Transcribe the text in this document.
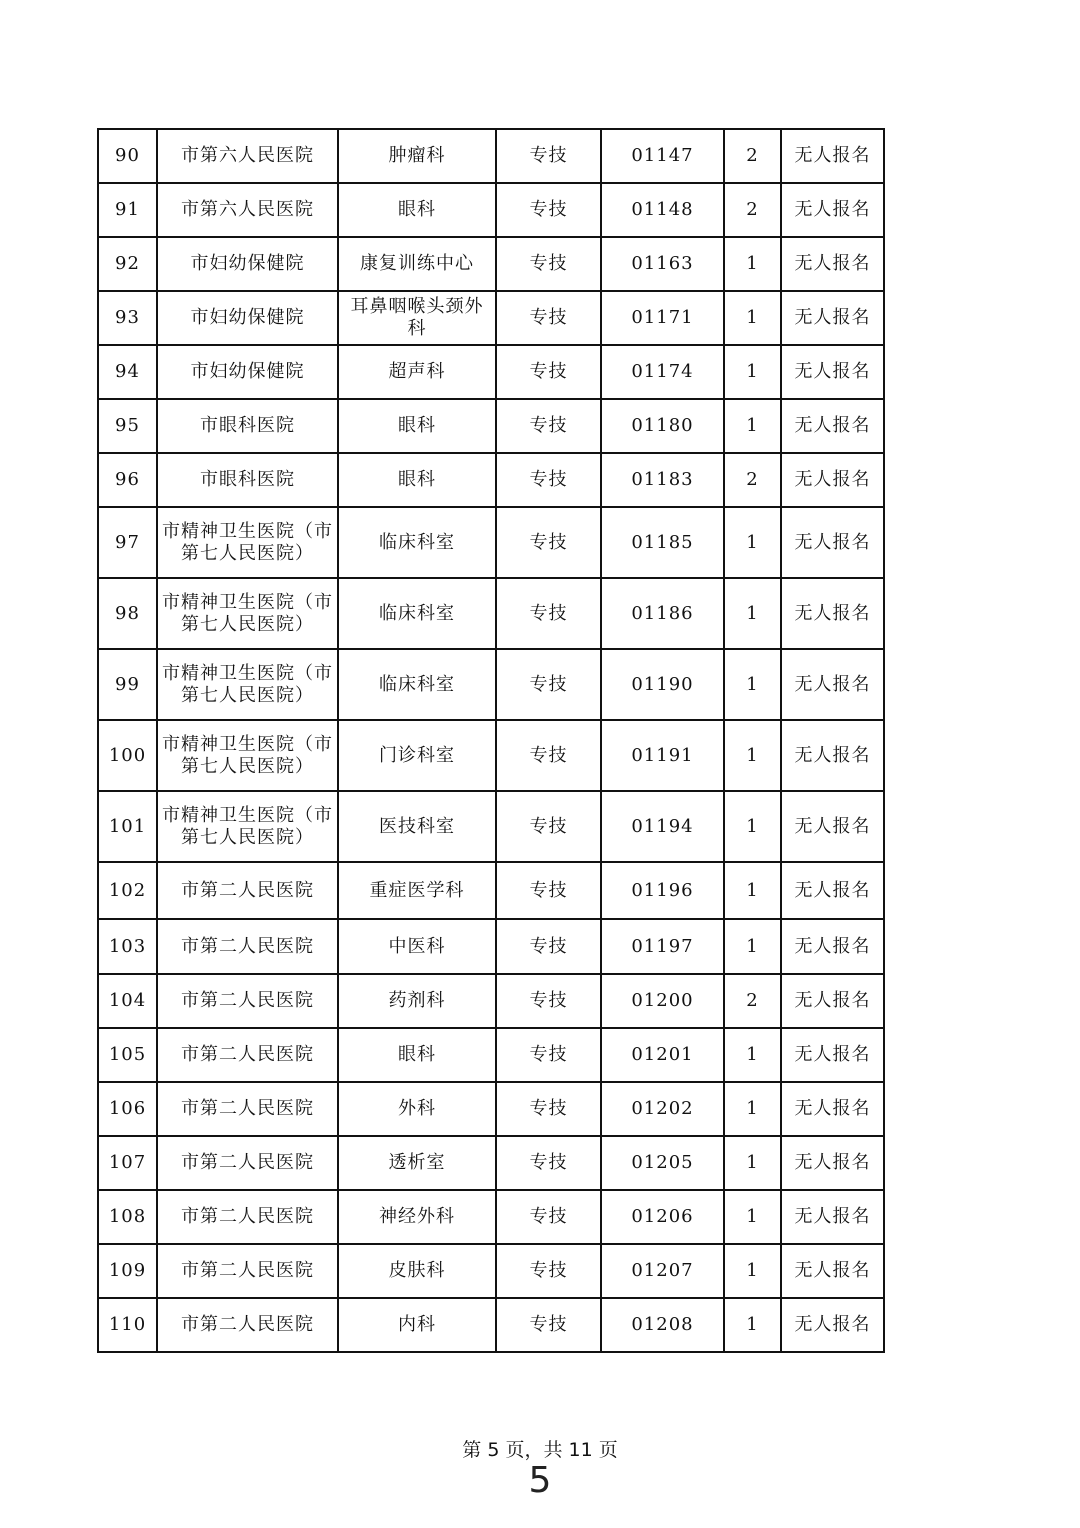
90	市第六人民医院	肿瘤科	专技	01147	2	无人报名
91	市第六人民医院	眼科	专技	01148	2	无人报名
92	市妇幼保健院	康复训练中心	专技	01163	1	无人报名
93	市妇幼保健院	耳鼻咽喉头颈外科	专技	01171	1	无人报名
94	市妇幼保健院	超声科	专技	01174	1	无人报名
95	市眼科医院	眼科	专技	01180	1	无人报名
96	市眼科医院	眼科	专技	01183	2	无人报名
97	市精神卫生医院（市第七人民医院）	临床科室	专技	01185	1	无人报名
98	市精神卫生医院（市第七人民医院）	临床科室	专技	01186	1	无人报名
99	市精神卫生医院（市第七人民医院）	临床科室	专技	01190	1	无人报名
100	市精神卫生医院（市第七人民医院）	门诊科室	专技	01191	1	无人报名
101	市精神卫生医院（市第七人民医院）	医技科室	专技	01194	1	无人报名
102	市第二人民医院	重症医学科	专技	01196	1	无人报名
103	市第二人民医院	中医科	专技	01197	1	无人报名
104	市第二人民医院	药剂科	专技	01200	2	无人报名
105	市第二人民医院	眼科	专技	01201	1	无人报名
106	市第二人民医院	外科	专技	01202	1	无人报名
107	市第二人民医院	透析室	专技	01205	1	无人报名
108	市第二人民医院	神经外科	专技	01206	1	无人报名
109	市第二人民医院	皮肤科	专技	01207	1	无人报名
110	市第二人民医院	内科	专技	01208	1	无人报名
第 5 页，共 11 页
5
